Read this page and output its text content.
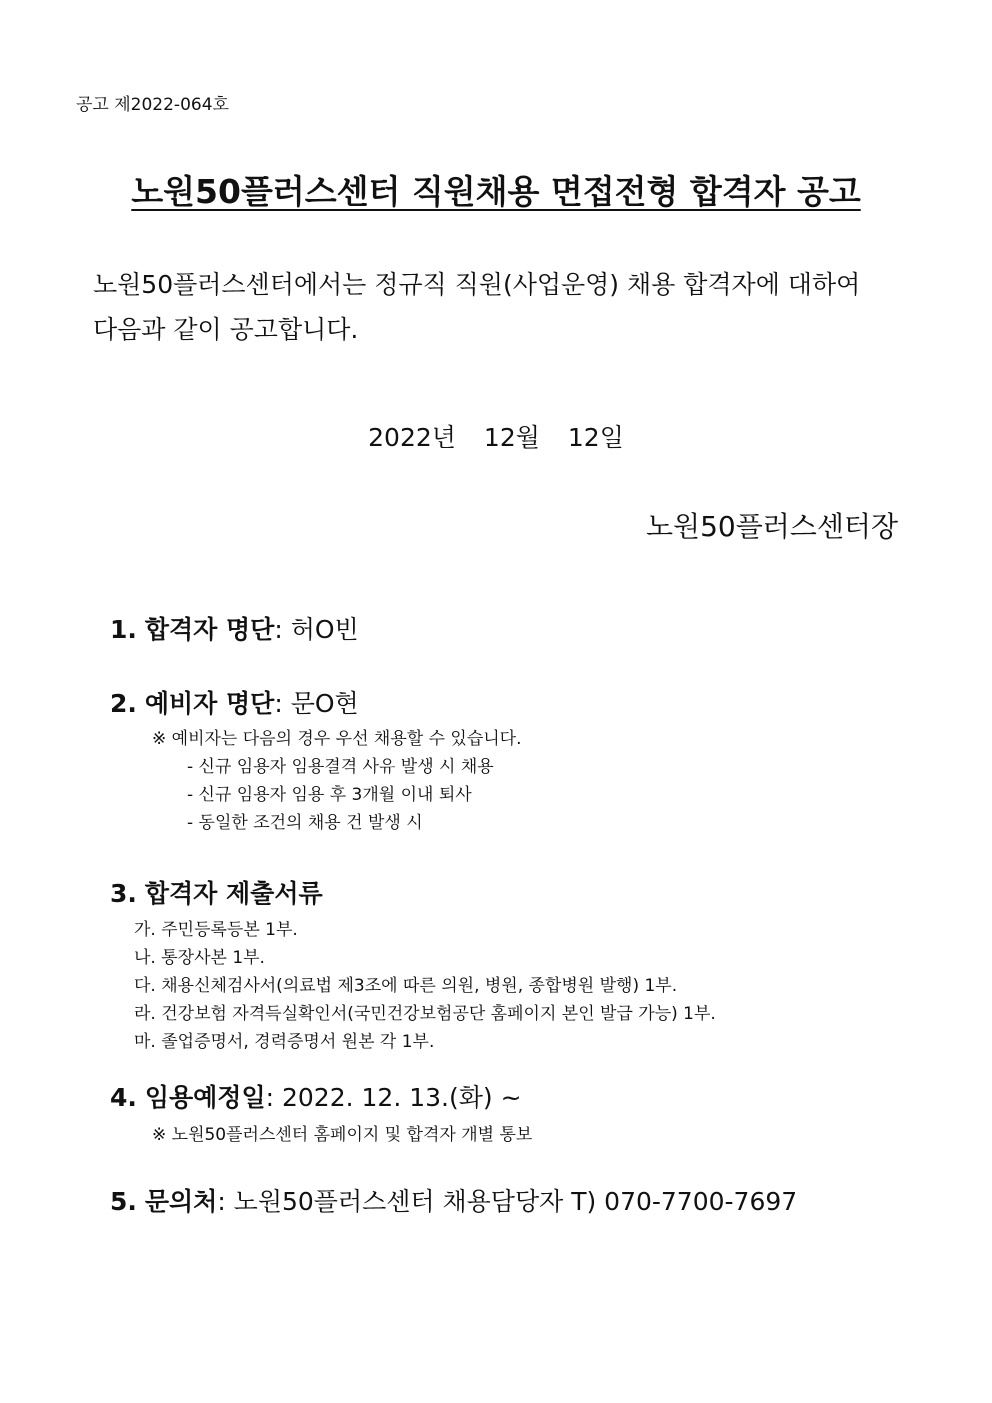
공고 제2022-064호
노원50플러스센터 직원채용 면접전형 합격자 공고
노원50플러스센터에서는 정규직 직원(사업운영) 채용 합격자에 대하여
다음과 같이 공고합니다.
2022년 12월 12일
노원50플러스센터장
1. 합격자 명단: 허O빈
2. 예비자 명단: 문O현
※ 예비자는 다음의 경우 우선 채용할 수 있습니다.
- 신규 임용자 임용결격 사유 발생 시 채용
- 신규 임용자 임용 후 3개월 이내 퇴사
- 동일한 조건의 채용 건 발생 시
3. 합격자 제출서류
가. 주민등록등본 1부.
나. 통장사본 1부.
다. 채용신체검사서(의료법 제3조에 따른 의원, 병원, 종합병원 발행) 1부.
라. 건강보험 자격득실확인서(국민건강보험공단 홈페이지 본인 발급 가능) 1부.
마. 졸업증명서, 경력증명서 원본 각 1부.
4. 임용예정일: 2022. 12. 13.(화) ~
※ 노원50플러스센터 홈페이지 및 합격자 개별 통보
5. 문의처: 노원50플러스센터 채용담당자 T) 070-7700-7697
